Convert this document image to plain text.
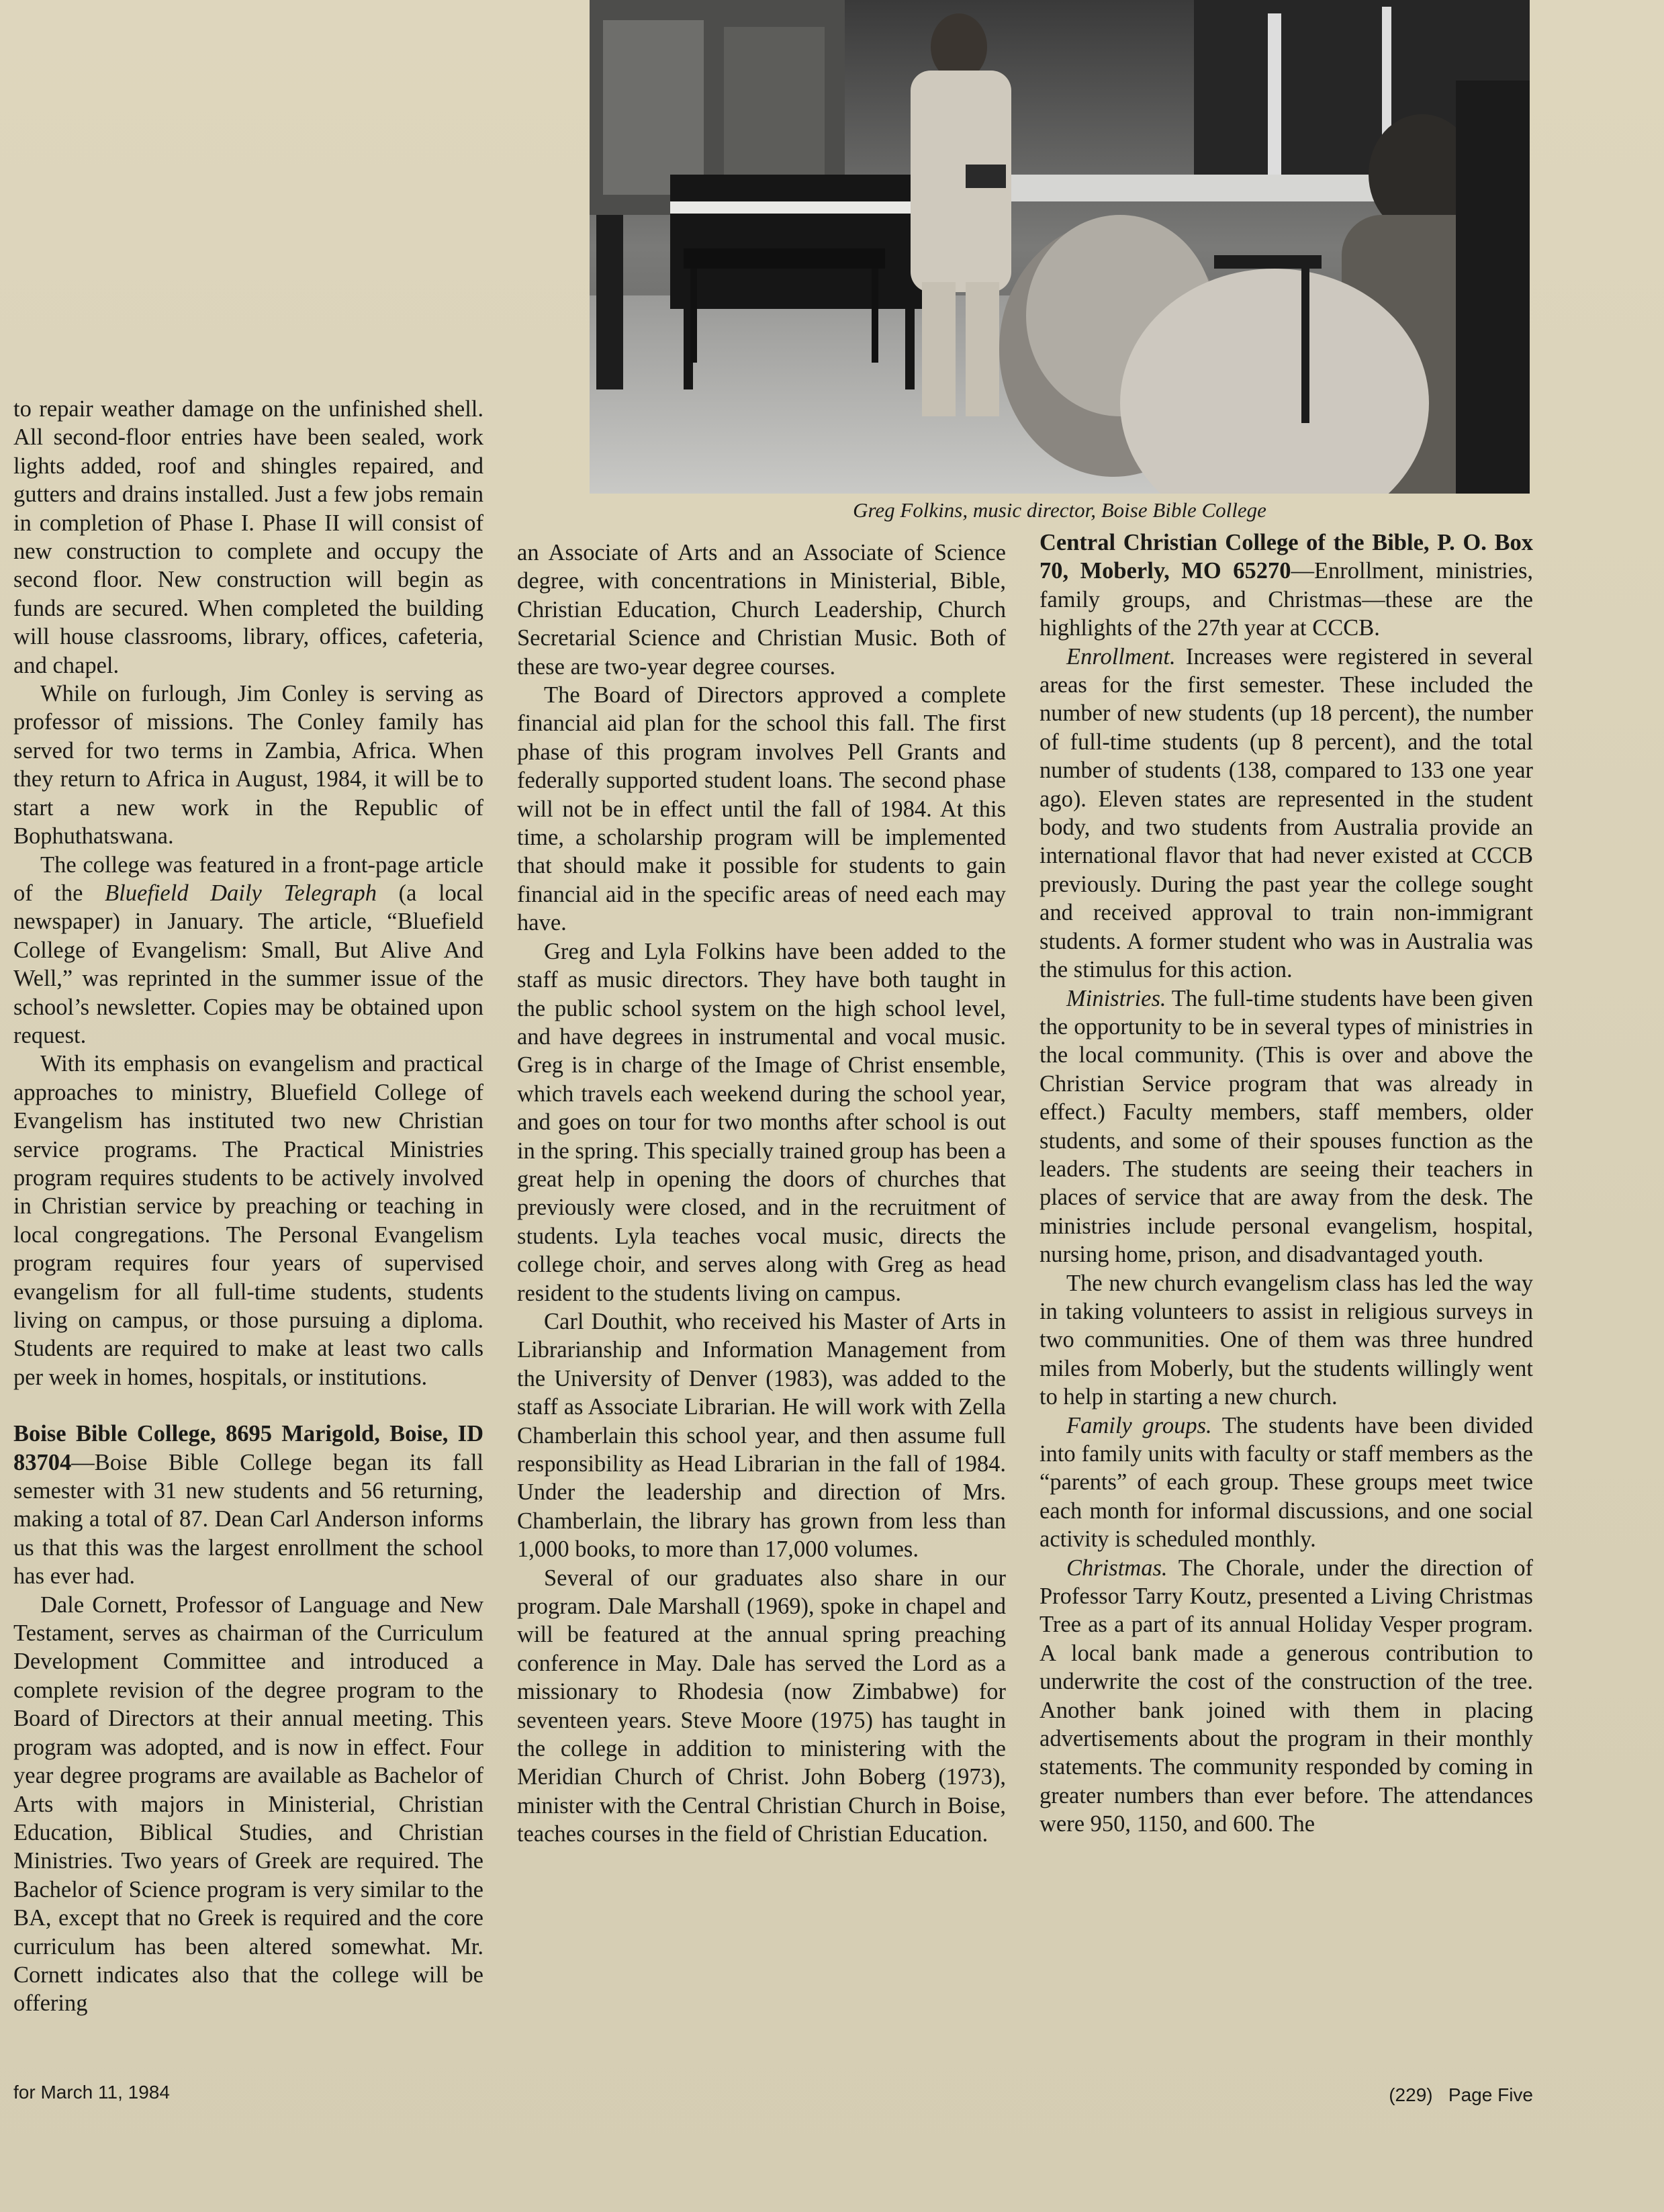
Greg Folkins, music director, Boise Bible College

to repair weather damage on the unfinished shell. All second-floor entries have been sealed, work lights added, roof and shingles repaired, and gutters and drains installed. Just a few jobs remain in completion of Phase I. Phase II will consist of new construction to complete and occupy the second floor. New construction will begin as funds are secured. When completed the building will house classrooms, library, offices, cafeteria, and chapel.

While on furlough, Jim Conley is serving as professor of missions. The Conley family has served for two terms in Zambia, Africa. When they return to Africa in August, 1984, it will be to start a new work in the Republic of Bophuthatswana.

The college was featured in a front-page article of the Bluefield Daily Telegraph (a local newspaper) in January. The article, “Bluefield College of Evangelism: Small, But Alive And Well,” was reprinted in the summer issue of the school’s newsletter. Copies may be obtained upon request.

With its emphasis on evangelism and practical approaches to ministry, Bluefield College of Evangelism has instituted two new Christian service programs. The Practical Ministries program requires students to be actively involved in Christian service by preaching or teaching in local congregations. The Personal Evangelism program requires four years of supervised evangelism for all full-time students, students living on campus, or those pursuing a diploma. Students are required to make at least two calls per week in homes, hospitals, or institutions.

Boise Bible College, 8695 Marigold, Boise, ID 83704—Boise Bible College began its fall semester with 31 new students and 56 returning, making a total of 87. Dean Carl Anderson informs us that this was the largest enrollment the school has ever had.

Dale Cornett, Professor of Language and New Testament, serves as chairman of the Curriculum Development Committee and introduced a complete revision of the degree program to the Board of Directors at their annual meeting. This program was adopted, and is now in effect. Four year degree programs are available as Bachelor of Arts with majors in Ministerial, Christian Education, Biblical Studies, and Christian Ministries. Two years of Greek are required. The Bachelor of Science program is very similar to the BA, except that no Greek is required and the core curriculum has been altered somewhat. Mr. Cornett indicates also that the college will be offering

an Associate of Arts and an Associate of Science degree, with concentrations in Ministerial, Bible, Christian Education, Church Leadership, Church Secretarial Science and Christian Music. Both of these are two-year degree courses.

The Board of Directors approved a complete financial aid plan for the school this fall. The first phase of this program involves Pell Grants and federally supported student loans. The second phase will not be in effect until the fall of 1984. At this time, a scholarship program will be implemented that should make it possible for students to gain financial aid in the specific areas of need each may have.

Greg and Lyla Folkins have been added to the staff as music directors. They have both taught in the public school system on the high school level, and have degrees in instrumental and vocal music. Greg is in charge of the Image of Christ ensemble, which travels each weekend during the school year, and goes on tour for two months after school is out in the spring. This specially trained group has been a great help in opening the doors of churches that previously were closed, and in the recruitment of students. Lyla teaches vocal music, directs the college choir, and serves along with Greg as head resident to the students living on campus.

Carl Douthit, who received his Master of Arts in Librarianship and Information Management from the University of Denver (1983), was added to the staff as Associate Librarian. He will work with Zella Chamberlain this school year, and then assume full responsibility as Head Librarian in the fall of 1984. Under the leadership and direction of Mrs. Chamberlain, the library has grown from less than 1,000 books, to more than 17,000 volumes.

Several of our graduates also share in our program. Dale Marshall (1969), spoke in chapel and will be featured at the annual spring preaching conference in May. Dale has served the Lord as a missionary to Rhodesia (now Zimbabwe) for seventeen years. Steve Moore (1975) has taught in the college in addition to ministering with the Meridian Church of Christ. John Boberg (1973), minister with the Central Christian Church in Boise, teaches courses in the field of Christian Education.

Central Christian College of the Bible, P. O. Box 70, Moberly, MO 65270—Enrollment, ministries, family groups, and Christmas—these are the highlights of the 27th year at CCCB.

Enrollment. Increases were registered in several areas for the first semester. These included the number of new students (up 18 percent), the number of full-time students (up 8 percent), and the total number of students (138, compared to 133 one year ago). Eleven states are represented in the student body, and two students from Australia provide an international flavor that had never existed at CCCB previously. During the past year the college sought and received approval to train non-immigrant students. A former student who was in Australia was the stimulus for this action.

Ministries. The full-time students have been given the opportunity to be in several types of ministries in the local community. (This is over and above the Christian Service program that was already in effect.) Faculty members, staff members, older students, and some of their spouses function as the leaders. The students are seeing their teachers in places of service that are away from the desk. The ministries include personal evangelism, hospital, nursing home, prison, and disadvantaged youth.

The new church evangelism class has led the way in taking volunteers to assist in religious surveys in two communities. One of them was three hundred miles from Moberly, but the students willingly went to help in starting a new church.

Family groups. The students have been divided into family units with faculty or staff members as the “parents” of each group. These groups meet twice each month for informal discussions, and one social activity is scheduled monthly.

Christmas. The Chorale, under the direction of Professor Tarry Koutz, presented a Living Christmas Tree as a part of its annual Holiday Vesper program. A local bank made a generous contribution to underwrite the cost of the construction of the tree. Another bank joined with them in placing advertisements about the program in their monthly statements. The community responded by coming in greater numbers than ever before. The attendances were 950, 1150, and 600. The

for March 11, 1984	(229)   Page Five
